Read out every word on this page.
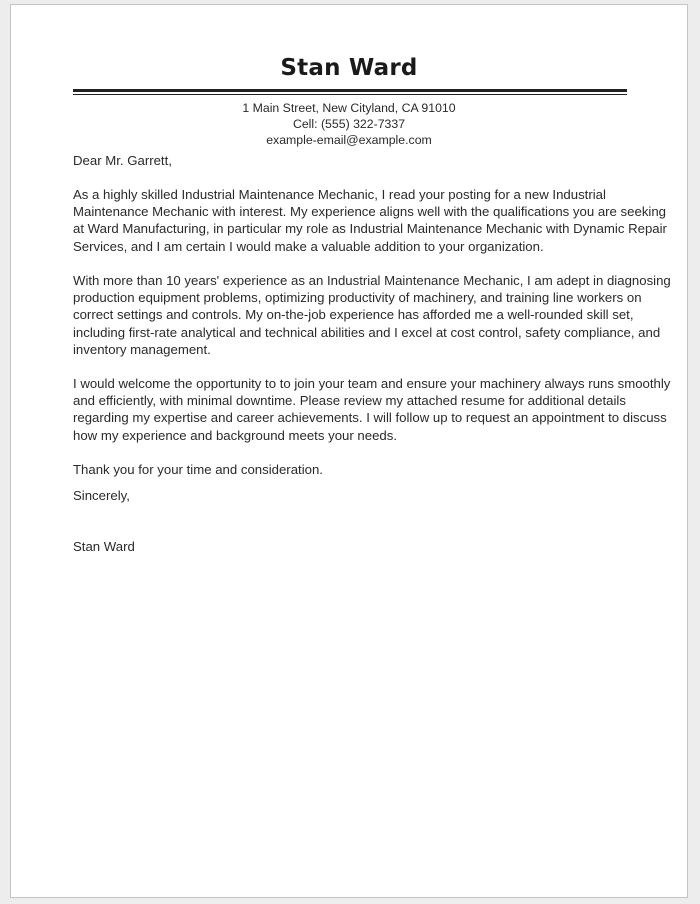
Stan Ward
1 Main Street, New Cityland, CA 91010
Cell: (555) 322-7337
example-email@example.com

Dear Mr. Garrett,

As a highly skilled Industrial Maintenance Mechanic, I read your posting for a new Industrial Maintenance Mechanic with interest. My experience aligns well with the qualifications you are seeking at Ward Manufacturing, in particular my role as Industrial Maintenance Mechanic with Dynamic Repair Services, and I am certain I would make a valuable addition to your organization.

With more than 10 years' experience as an Industrial Maintenance Mechanic, I am adept in diagnosing production equipment problems, optimizing productivity of machinery, and training line workers on correct settings and controls. My on-the-job experience has afforded me a well-rounded skill set, including first-rate analytical and technical abilities and I excel at cost control, safety compliance, and inventory management.

I would welcome the opportunity to to join your team and ensure your machinery always runs smoothly and efficiently, with minimal downtime. Please review my attached resume for additional details regarding my expertise and career achievements. I will follow up to request an appointment to discuss how my experience and background meets your needs.

Thank you for your time and consideration.

Sincerely,

Stan Ward
